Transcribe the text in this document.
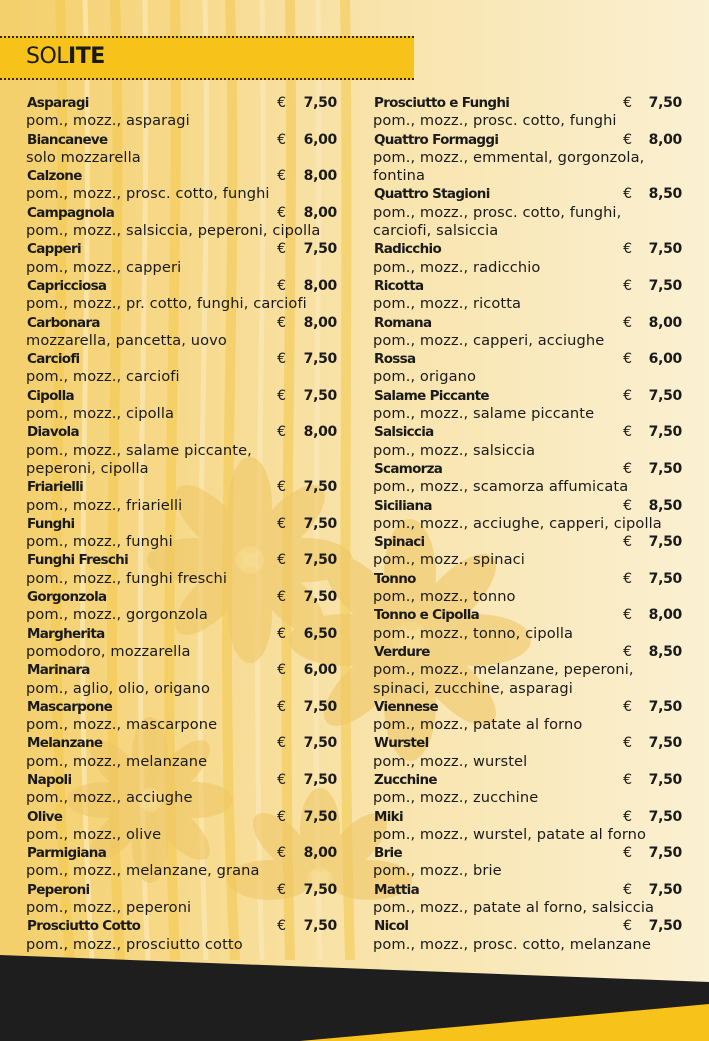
SOLITE
Asparagi	€ 7,50
pom., mozz., asparagi
Biancaneve	€ 6,00
solo mozzarella
Calzone	€ 8,00
pom., mozz., prosc. cotto, funghi
Campagnola	€ 8,00
pom., mozz., salsiccia, peperoni, cipolla
Capperi	€ 7,50
pom., mozz., capperi
Capricciosa	€ 8,00
pom., mozz., pr. cotto, funghi, carciofi
Carbonara	€ 8,00
mozzarella, pancetta, uovo
Carciofi	€ 7,50
pom., mozz., carciofi
Cipolla	€ 7,50
pom., mozz., cipolla
Diavola	€ 8,00
pom., mozz., salame piccante,
peperoni, cipolla
Friarielli	€ 7,50
pom., mozz., friarielli
Funghi	€ 7,50
pom., mozz., funghi
Funghi Freschi	€ 7,50
pom., mozz., funghi freschi
Gorgonzola	€ 7,50
pom., mozz., gorgonzola
Margherita	€ 6,50
pomodoro, mozzarella
Marinara	€ 6,00
pom., aglio, olio, origano
Mascarpone	€ 7,50
pom., mozz., mascarpone
Melanzane	€ 7,50
pom., mozz., melanzane
Napoli	€ 7,50
pom., mozz., acciughe
Olive	€ 7,50
pom., mozz., olive
Parmigiana	€ 8,00
pom., mozz., melanzane, grana
Peperoni	€ 7,50
pom., mozz., peperoni
Prosciutto Cotto	€ 7,50
pom., mozz., prosciutto cotto
Prosciutto e Funghi	€ 7,50
pom., mozz., prosc. cotto, funghi
Quattro Formaggi	€ 8,00
pom., mozz., emmental, gorgonzola,
fontina
Quattro Stagioni	€ 8,50
pom., mozz., prosc. cotto, funghi,
carciofi, salsiccia
Radicchio	€ 7,50
pom., mozz., radicchio
Ricotta	€ 7,50
pom., mozz., ricotta
Romana	€ 8,00
pom., mozz., capperi, acciughe
Rossa	€ 6,00
pom., origano
Salame Piccante	€ 7,50
pom., mozz., salame piccante
Salsiccia	€ 7,50
pom., mozz., salsiccia
Scamorza	€ 7,50
pom., mozz., scamorza affumicata
Siciliana	€ 8,50
pom., mozz., acciughe, capperi, cipolla
Spinaci	€ 7,50
pom., mozz., spinaci
Tonno	€ 7,50
pom., mozz., tonno
Tonno e Cipolla	€ 8,00
pom., mozz., tonno, cipolla
Verdure	€ 8,50
pom., mozz., melanzane, peperoni,
spinaci, zucchine, asparagi
Viennese	€ 7,50
pom., mozz., patate al forno
Wurstel	€ 7,50
pom., mozz., wurstel
Zucchine	€ 7,50
pom., mozz., zucchine
Miki	€ 7,50
pom., mozz., wurstel, patate al forno
Brie	€ 7,50
pom., mozz., brie
Mattia	€ 7,50
pom., mozz., patate al forno, salsiccia
Nicol	€ 7,50
pom., mozz., prosc. cotto, melanzane
